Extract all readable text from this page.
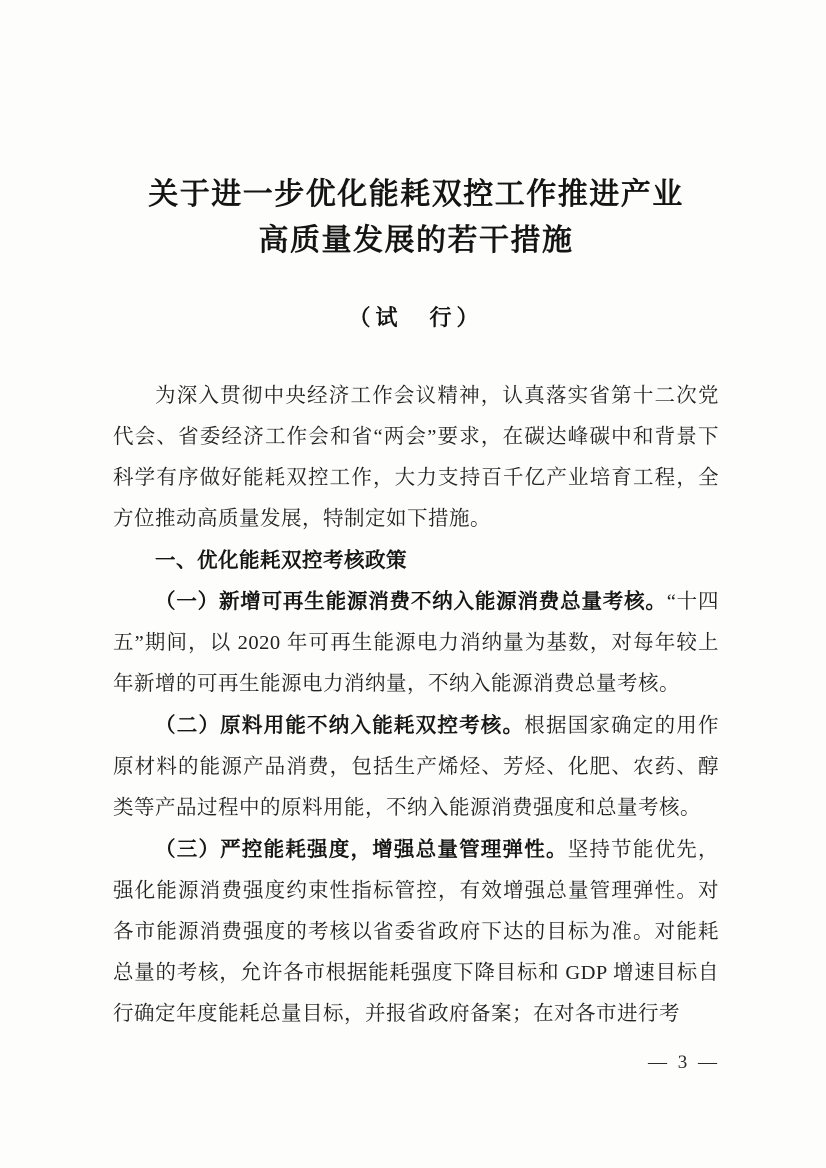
关于进一步优化能耗双控工作推进产业
高质量发展的若干措施
（试　行）

为深入贯彻中央经济工作会议精神，认真落实省第十二次党代会、省委经济工作会和省“两会”要求，在碳达峰碳中和背景下科学有序做好能耗双控工作，大力支持百千亿产业培育工程，全方位推动高质量发展，特制定如下措施。

一、优化能耗双控考核政策

（一）新增可再生能源消费不纳入能源消费总量考核。“十四五”期间，以 2020 年可再生能源电力消纳量为基数，对每年较上年新增的可再生能源电力消纳量，不纳入能源消费总量考核。

（二）原料用能不纳入能耗双控考核。根据国家确定的用作原材料的能源产品消费，包括生产烯烃、芳烃、化肥、农药、醇类等产品过程中的原料用能，不纳入能源消费强度和总量考核。

（三）严控能耗强度，增强总量管理弹性。坚持节能优先，强化能源消费强度约束性指标管控，有效增强总量管理弹性。对各市能源消费强度的考核以省委省政府下达的目标为准。对能耗总量的考核，允许各市根据能耗强度下降目标和 GDP 增速目标自行确定年度能耗总量目标，并报省政府备案；在对各市进行考

— 3 —
